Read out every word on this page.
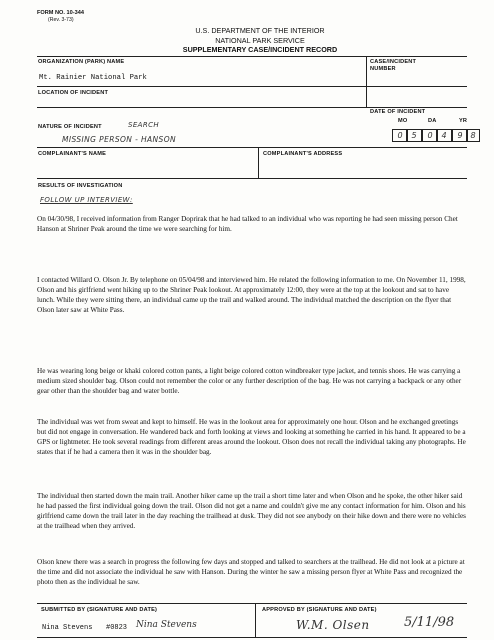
FORM NO. 10-344
(Rev. 3-73)
U.S. DEPARTMENT OF THE INTERIOR
NATIONAL PARK SERVICE
SUPPLEMENTARY CASE/INCIDENT RECORD
ORGANIZATION (PARK) NAME
Mt. Rainier National Park
CASE/INCIDENT NUMBER
LOCATION OF INCIDENT
DATE OF INCIDENT
MO	DA	YR
0	5	0	4	9 8
NATURE OF INCIDENT	SEARCH
MISSING PERSON - HANSON
COMPLAINANT'S NAME	COMPLAINANT'S ADDRESS
RESULTS OF INVESTIGATION
FOLLOW UP INTERVIEW:

On 04/30/98, I received information from Ranger Doprirak that he had talked to an individual who was reporting he had seen missing person Chet Hanson at Shriner Peak around the time we were searching for him.

I contacted Willard O. Olson Jr. By telephone on 05/04/98 and interviewed him. He related the following information to me. On November 11, 1998, Olson and his girlfriend went hiking up to the Shriner Peak lookout. At approximately 12:00, they were at the top at the lookout and sat to have lunch. While they were sitting there, an individual came up the trail and walked around. The individual matched the description on the flyer that Olson later saw at White Pass.

He was wearing long beige or khaki colored cotton pants, a light beige colored cotton windbreaker type jacket, and tennis shoes. He was carrying a medium sized shoulder bag. Olson could not remember the color or any further description of the bag. He was not carrying a backpack or any other gear other than the shoulder bag and water bottle.

The individual was wet from sweat and kept to himself. He was in the lookout area for approximately one hour. Olson and he exchanged greetings but did not engage in conversation. He wandered back and forth looking at views and looking at something he carried in his hand. It appeared to be a GPS or lightmeter. He took several readings from different areas around the lookout. Olson does not recall the individual taking any photographs. He states that if he had a camera then it was in the shoulder bag.

The individual then started down the main trail. Another hiker came up the trail a short time later and when Olson and he spoke, the other hiker said he had passed the first individual going down the trail. Olson did not get a name and couldn't give me any contact information for him. Olson and his girlfriend came down the trail later in the day reaching the trailhead at dusk. They did not see anybody on their hike down and there were no vehicles at the trailhead when they arrived.

Olson knew there was a search in progress the following few days and stopped and talked to searchers at the trailhead. He did not look at a picture at the time and did not associate the individual he saw with Hanson. During the winter he saw a missing person flyer at White Pass and recognized the photo then as the individual he saw.

SUBMITTED BY (SIGNATURE AND DATE)	APPROVED BY (SIGNATURE AND DATE)
Nina Stevens #0823 Nina Stevens	W.M. Olsen	5/11/98
